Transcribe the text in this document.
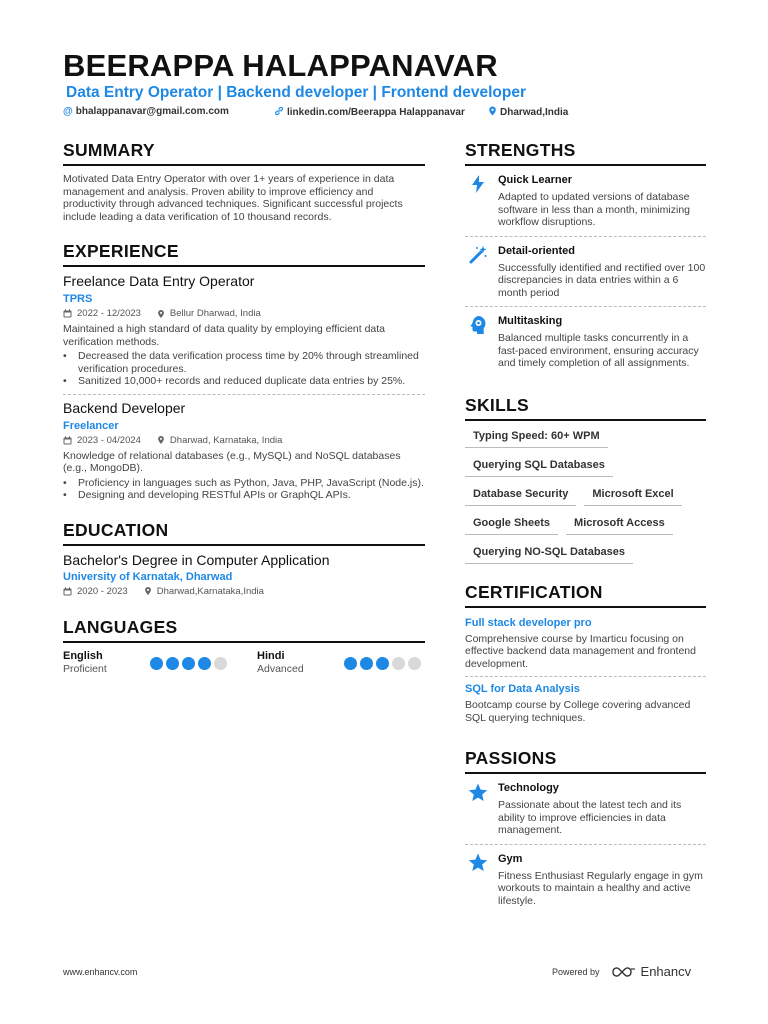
BEERAPPA HALAPPANAVAR
Data Entry Operator | Backend developer | Frontend developer
@ bhalappanavar@gmail.com.com	linkedin.com/Beerappa Halappanavar	Dharwad,India
SUMMARY
Motivated Data Entry Operator with over 1+ years of experience in data management and analysis. Proven ability to improve efficiency and productivity through advanced techniques. Significant successful projects include leading a data verification of 10 thousand records.
EXPERIENCE
Freelance Data Entry Operator
TPRS
2022 - 12/2023	Bellur Dharwad, India
Maintained a high standard of data quality by employing efficient data verification methods.
• Decreased the data verification process time by 20% through streamlined verification procedures.
• Sanitized 10,000+ records and reduced duplicate data entries by 25%.
Backend Developer
Freelancer
2023 - 04/2024	Dharwad, Karnataka, India
Knowledge of relational databases (e.g., MySQL) and NoSQL databases (e.g., MongoDB).
• Proficiency in languages such as Python, Java, PHP, JavaScript (Node.js).
• Designing and developing RESTful APIs or GraphQL APIs.
EDUCATION
Bachelor's Degree in Computer Application
University of Karnatak, Dharwad
2020 - 2023	Dharwad,Karnataka,India
LANGUAGES
English
Proficient
Hindi
Advanced
STRENGTHS
Quick Learner
Adapted to updated versions of database software in less than a month, minimizing workflow disruptions.
Detail-oriented
Successfully identified and rectified over 100 discrepancies in data entries within a 6 month period
Multitasking
Balanced multiple tasks concurrently in a fast-paced environment, ensuring accuracy and timely completion of all assignments.
SKILLS
Typing Speed: 60+ WPM
Querying SQL Databases
Database Security	Microsoft Excel
Google Sheets	Microsoft Access
Querying NO-SQL Databases
CERTIFICATION
Full stack developer pro
Comprehensive course by Imarticu focusing on effective backend data management and frontend development.
SQL for Data Analysis
Bootcamp course by College covering advanced SQL querying techniques.
PASSIONS
Technology
Passionate about the latest tech and its ability to improve efficiencies in data management.
Gym
Fitness Enthusiast Regularly engage in gym workouts to maintain a healthy and active lifestyle.
www.enhancv.com	Powered by	Enhancv
